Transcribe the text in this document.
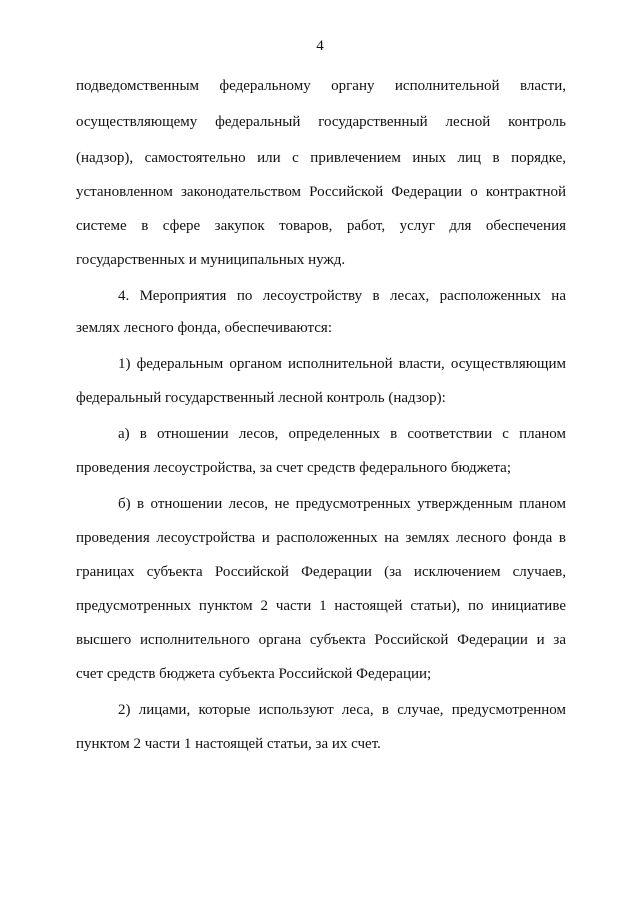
4
подведомственным федеральному органу исполнительной власти,
осуществляющему федеральный государственный лесной контроль
(надзор), самостоятельно или с привлечением иных лиц в порядке,
установленном законодательством Российской Федерации о контрактной
системе в сфере закупок товаров, работ, услуг для обеспечения
государственных и муниципальных нужд.
4. Мероприятия по лесоустройству в лесах, расположенных на
землях лесного фонда, обеспечиваются:
1) федеральным органом исполнительной власти, осуществляющим
федеральный государственный лесной контроль (надзор):
а) в отношении лесов, определенных в соответствии с планом
проведения лесоустройства, за счет средств федерального бюджета;
б) в отношении лесов, не предусмотренных утвержденным планом
проведения лесоустройства и расположенных на землях лесного фонда в
границах субъекта Российской Федерации (за исключением случаев,
предусмотренных пунктом 2 части 1 настоящей статьи), по инициативе
высшего исполнительного органа субъекта Российской Федерации и за
счет средств бюджета субъекта Российской Федерации;
2) лицами, которые используют леса, в случае, предусмотренном
пунктом 2 части 1 настоящей статьи, за их счет.
